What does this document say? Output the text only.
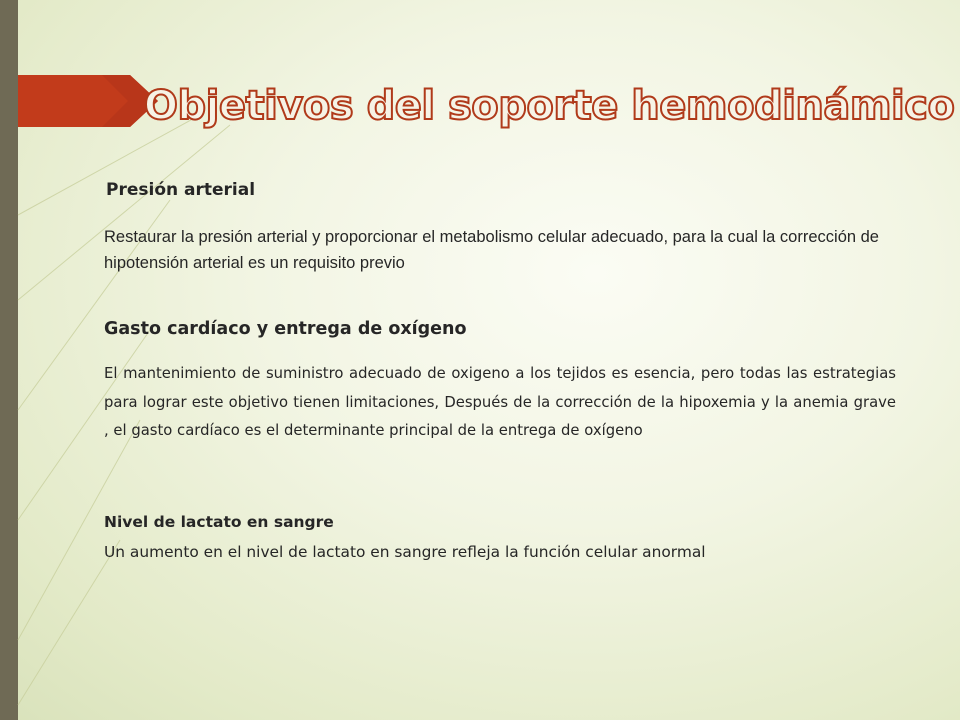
Objetivos del soporte hemodinámico
Presión arterial

Restaurar la presión arterial y proporcionar el metabolismo celular adecuado, para la cual la corrección de hipotensión arterial es un requisito previo

Gasto cardíaco y entrega de oxígeno

El mantenimiento de suministro adecuado de oxigeno a los tejidos es esencia, pero todas las estrategias para lograr este objetivo tienen limitaciones, Después de la corrección de la hipoxemia y la anemia grave , el gasto cardíaco es el determinante principal de la entrega de oxígeno

Nivel de lactato en sangre

Un aumento en el nivel de lactato en sangre refleja la función celular anormal
